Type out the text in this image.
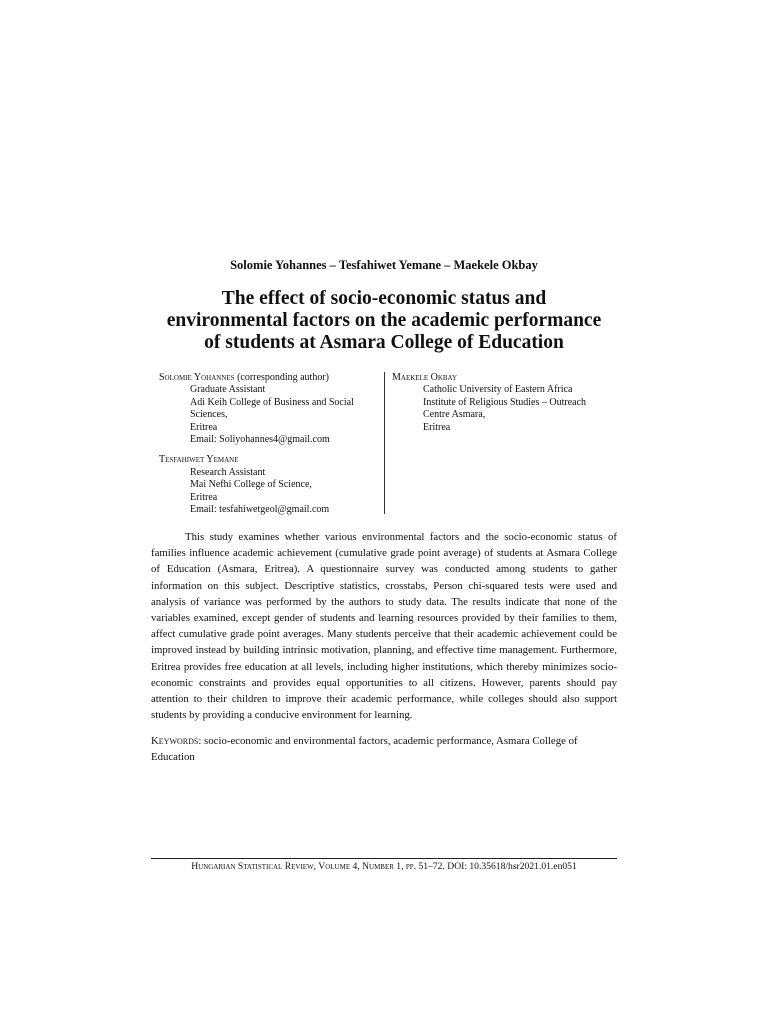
Solomie Yohannes – Tesfahiwet Yemane – Maekele Okbay
The effect of socio-economic status and
environmental factors on the academic performance
of students at Asmara College of Education
Solomie Yohannes (corresponding author)
Graduate Assistant
Adi Keih College of Business and Social
Sciences,
Eritrea
Email: Soliyohannes4@gmail.com
Tesfahiwet Yemane
Research Assistant
Mai Nefhi College of Science,
Eritrea
Email: tesfahiwetgeol@gmail.com
Maekele Okbay
Catholic University of Eastern Africa
Institute of Religious Studies – Outreach
Centre Asmara,
Eritrea

This study examines whether various environmental factors and the socio-economic status of families influence academic achievement (cumulative grade point average) of students at Asmara College of Education (Asmara, Eritrea). A questionnaire survey was conducted among students to gather information on this subject. Descriptive statistics, crosstabs, Person chi-squared tests were used and analysis of variance was performed by the authors to study data. The results indicate that none of the variables examined, except gender of students and learning resources provided by their families to them, affect cumulative grade point averages. Many students perceive that their academic achievement could be improved instead by building intrinsic motivation, planning, and effective time management. Furthermore, Eritrea provides free education at all levels, including higher institutions, which thereby minimizes socio-economic constraints and provides equal opportunities to all citizens. However, parents should pay attention to their children to improve their academic performance, while colleges should also support students by providing a conducive environment for learning.

Keywords: socio-economic and environmental factors, academic performance, Asmara College of Education

Hungarian Statistical Review, Volume 4, Number 1, pp. 51–72. DOI: 10.35618/hsr2021.01.en051
